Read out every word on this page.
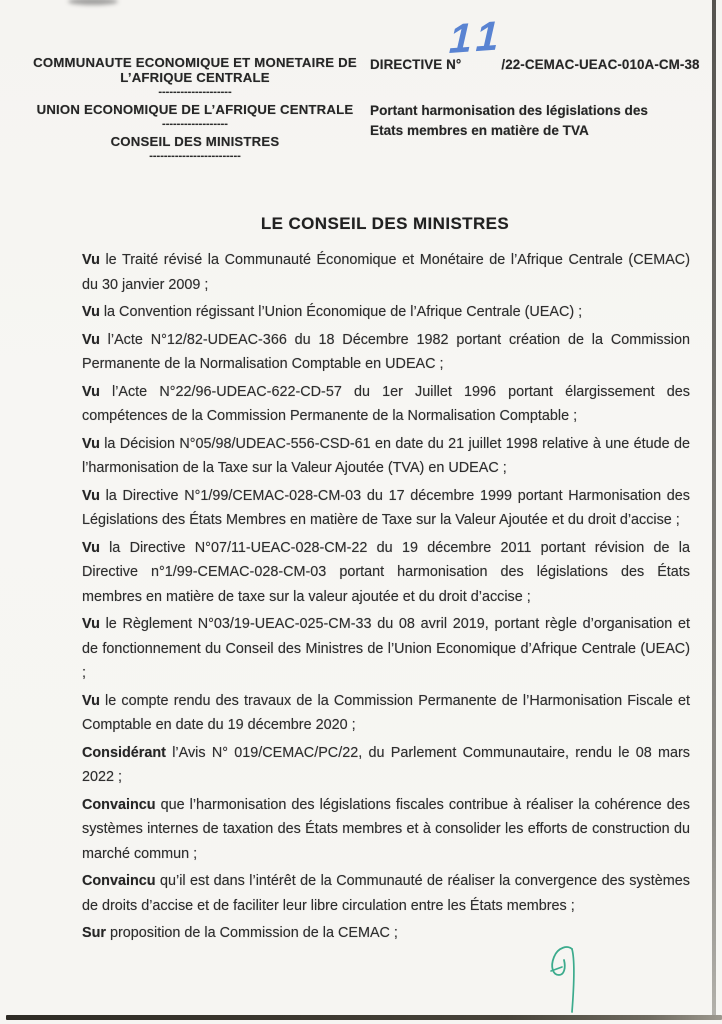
COMMUNAUTE ECONOMIQUE ET MONETAIRE DE
L’AFRIQUE CENTRALE
--------------------
UNION ECONOMIQUE DE L’AFRIQUE CENTRALE
------------------
CONSEIL DES MINISTRES
-------------------------
DIRECTIVE N°	/22-CEMAC-UEAC-010A-CM-38
Portant harmonisation des législations des
Etats membres en matière de TVA
11
LE CONSEIL DES MINISTRES

Vu le Traité révisé la Communauté Économique et Monétaire de l’Afrique Centrale (CEMAC) du 30 janvier 2009 ;

Vu la Convention régissant l’Union Économique de l’Afrique Centrale (UEAC) ;

Vu l’Acte N°12/82-UDEAC-366 du 18 Décembre 1982 portant création de la Commission Permanente de la Normalisation Comptable en UDEAC ;

Vu l’Acte N°22/96-UDEAC-622-CD-57 du 1er Juillet 1996 portant élargissement des compétences de la Commission Permanente de la Normalisation Comptable ;

Vu la Décision N°05/98/UDEAC-556-CSD-61 en date du 21 juillet 1998 relative à une étude de l’harmonisation de la Taxe sur la Valeur Ajoutée (TVA) en UDEAC ;

Vu la Directive N°1/99/CEMAC-028-CM-03 du 17 décembre 1999 portant Harmonisation des Législations des États Membres en matière de Taxe sur la Valeur Ajoutée et du droit d’accise ;

Vu la Directive N°07/11-UEAC-028-CM-22 du 19 décembre 2011 portant révision de la Directive n°1/99-CEMAC-028-CM-03 portant harmonisation des législations des États membres en matière de taxe sur la valeur ajoutée et du droit d’accise ;

Vu le Règlement N°03/19-UEAC-025-CM-33 du 08 avril 2019, portant règle d’organisation et de fonctionnement du Conseil des Ministres de l’Union Economique d’Afrique Centrale (UEAC) ;

Vu le compte rendu des travaux de la Commission Permanente de l’Harmonisation Fiscale et Comptable en date du 19 décembre 2020 ;

Considérant l’Avis N° 019/CEMAC/PC/22, du Parlement Communautaire, rendu le 08 mars 2022 ;

Convaincu que l’harmonisation des législations fiscales contribue à réaliser la cohérence des systèmes internes de taxation des États membres et à consolider les efforts de construction du marché commun ;

Convaincu qu’il est dans l’intérêt de la Communauté de réaliser la convergence des systèmes de droits d’accise et de faciliter leur libre circulation entre les États membres ;

Sur proposition de la Commission de la CEMAC ;
